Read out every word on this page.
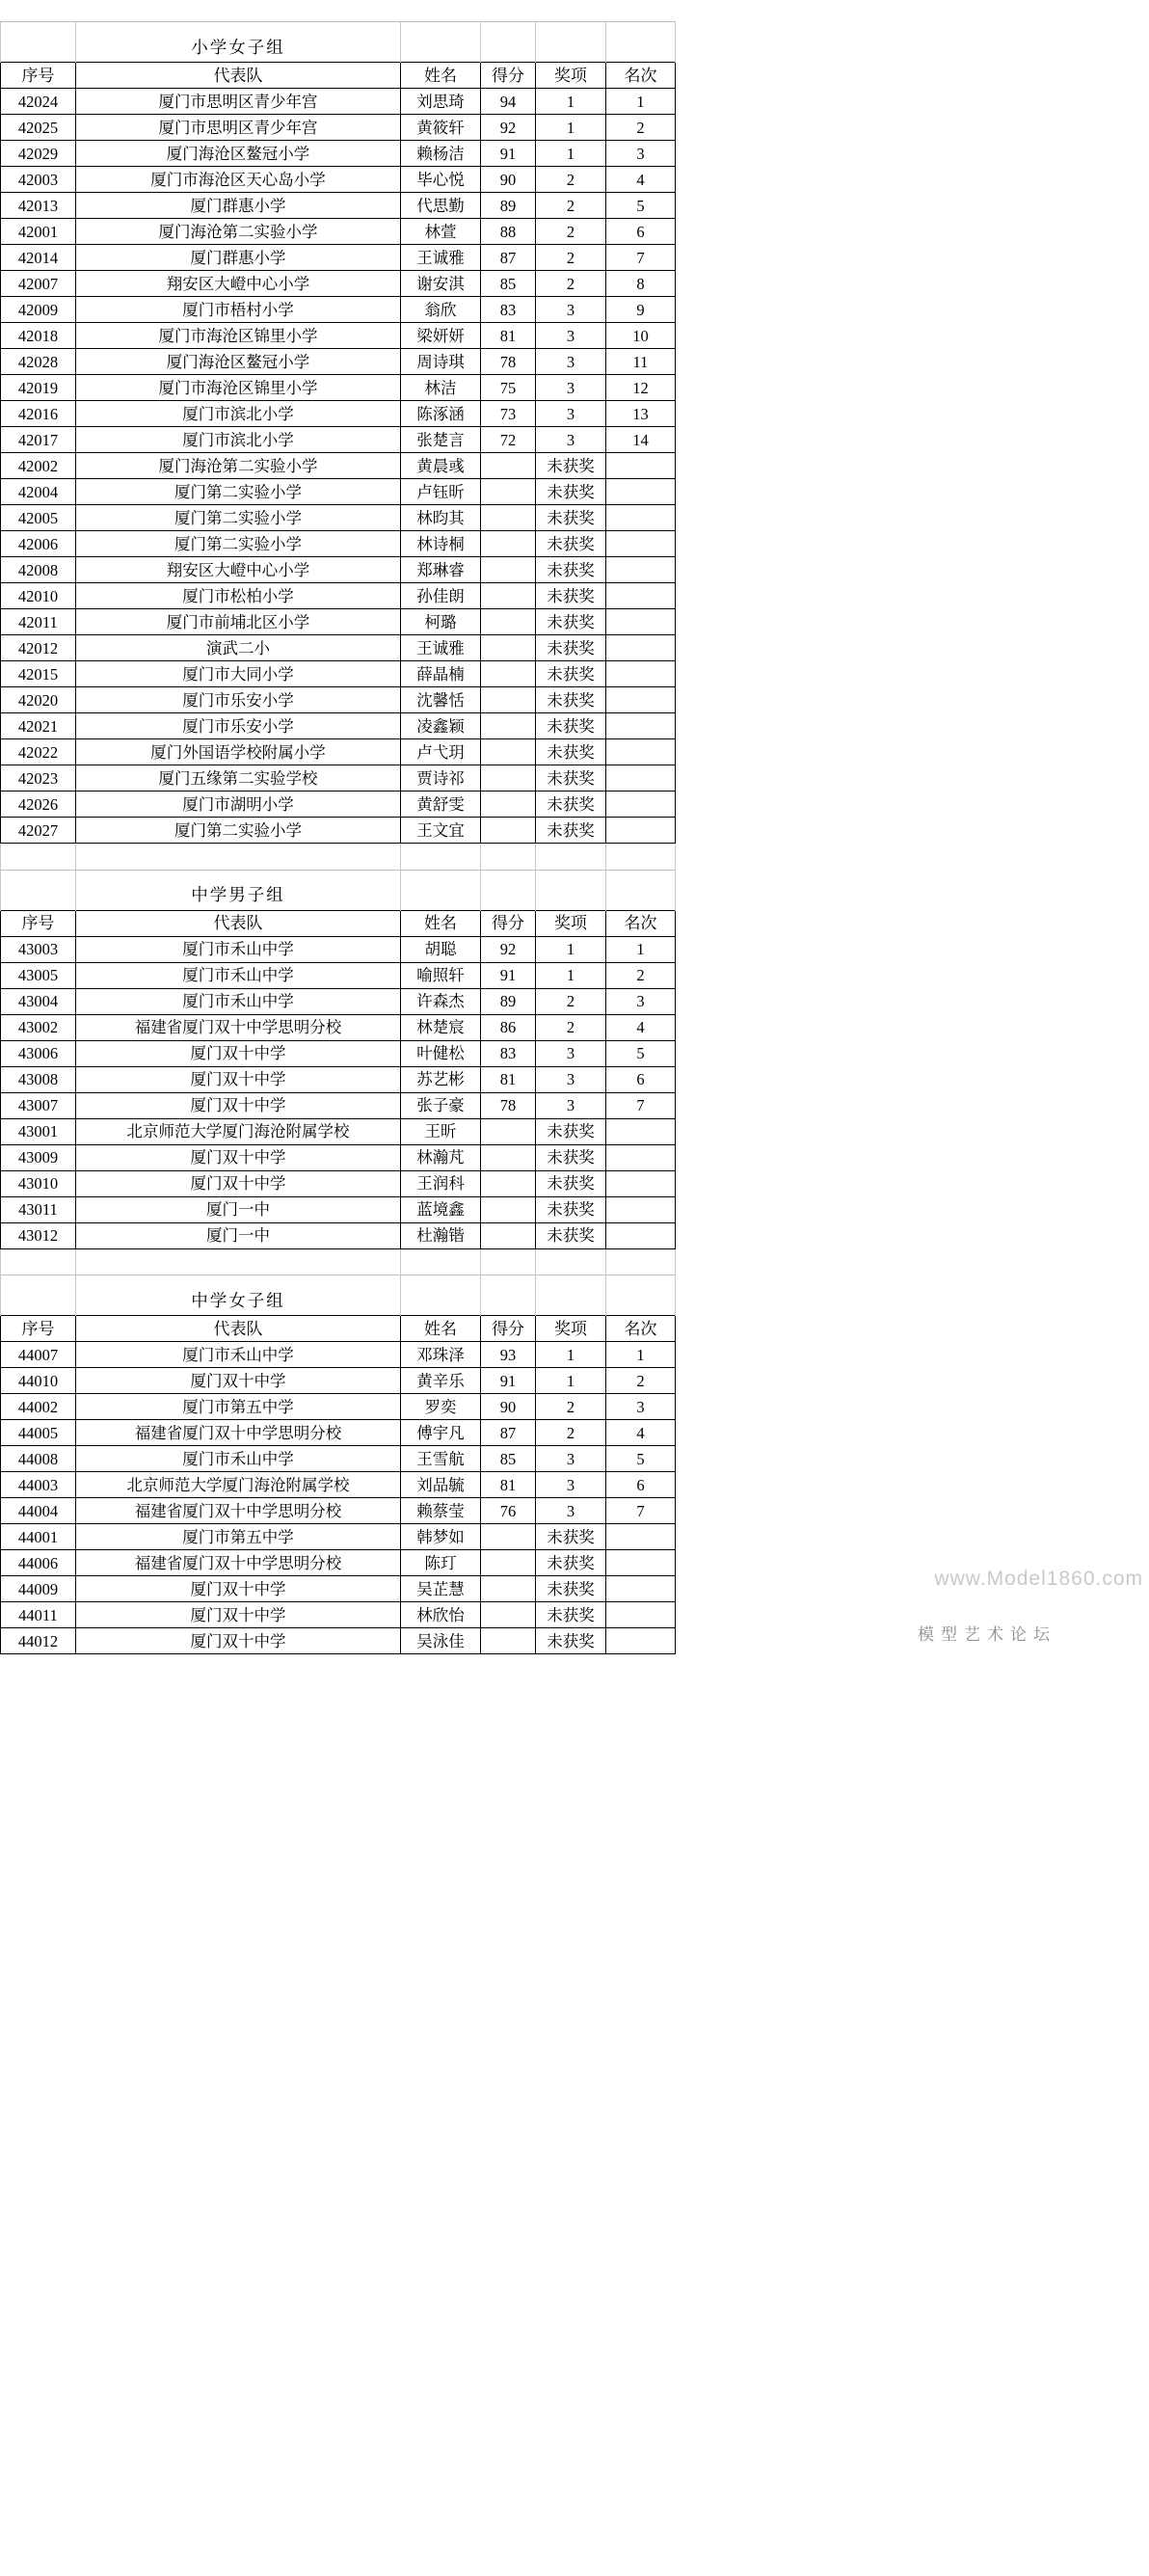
	小学女子组					
序号	代表队	姓名	得分	奖项	名次	
42024	厦门市思明区青少年宫	刘思琦	94	1	1	
42025	厦门市思明区青少年宫	黄筱轩	92	1	2	
42029	厦门海沧区鳌冠小学	赖杨洁	91	1	3	
42003	厦门市海沧区天心岛小学	毕心悦	90	2	4	
42013	厦门群惠小学	代思勤	89	2	5	
42001	厦门海沧第二实验小学	林萱	88	2	6	
42014	厦门群惠小学	王诚雅	87	2	7	
42007	翔安区大嶝中心小学	谢安淇	85	2	8	
42009	厦门市梧村小学	翁欣	83	3	9	
42018	厦门市海沧区锦里小学	梁妍妍	81	3	10	
42028	厦门海沧区鳌冠小学	周诗琪	78	3	11	
42019	厦门市海沧区锦里小学	林洁	75	3	12	
42016	厦门市滨北小学	陈涿涵	73	3	13	
42017	厦门市滨北小学	张楚言	72	3	14	
42002	厦门海沧第二实验小学	黄晨彧		未获奖		
42004	厦门第二实验小学	卢钰昕		未获奖		
42005	厦门第二实验小学	林昀其		未获奖		
42006	厦门第二实验小学	林诗桐		未获奖		
42008	翔安区大嶝中心小学	郑琳睿		未获奖		
42010	厦门市松柏小学	孙佳朗		未获奖		
42011	厦门市前埔北区小学	柯璐		未获奖		
42012	演武二小	王诚雅		未获奖		
42015	厦门市大同小学	薛晶楠		未获奖		
42020	厦门市乐安小学	沈馨恬		未获奖		
42021	厦门市乐安小学	凌鑫颖		未获奖		
42022	厦门外国语学校附属小学	卢弋玥		未获奖		
42023	厦门五缘第二实验学校	贾诗祁		未获奖		
42026	厦门市湖明小学	黄舒雯		未获奖		
42027	厦门第二实验小学	王文宜		未获奖		

	中学男子组					
序号	代表队	姓名	得分	奖项	名次	
43003	厦门市禾山中学	胡聪	92	1	1	
43005	厦门市禾山中学	喻照轩	91	1	2	
43004	厦门市禾山中学	许森杰	89	2	3	
43002	福建省厦门双十中学思明分校	林楚宸	86	2	4	
43006	厦门双十中学	叶健松	83	3	5	
43008	厦门双十中学	苏艺彬	81	3	6	
43007	厦门双十中学	张子豪	78	3	7	
43001	北京师范大学厦门海沧附属学校	王昕		未获奖		
43009	厦门双十中学	林瀚芃		未获奖		
43010	厦门双十中学	王润科		未获奖		
43011	厦门一中	蓝境鑫		未获奖		
43012	厦门一中	杜瀚锴		未获奖		

	中学女子组					
序号	代表队	姓名	得分	奖项	名次	
44007	厦门市禾山中学	邓珠泽	93	1	1	
44010	厦门双十中学	黄辛乐	91	1	2	
44002	厦门市第五中学	罗奕	90	2	3	
44005	福建省厦门双十中学思明分校	傅宇凡	87	2	4	
44008	厦门市禾山中学	王雪航	85	3	5	
44003	北京师范大学厦门海沧附属学校	刘品毓	81	3	6	
44004	福建省厦门双十中学思明分校	赖蔡莹	76	3	7	
44001	厦门市第五中学	韩梦如		未获奖		
44006	福建省厦门双十中学思明分校	陈玎		未获奖		
44009	厦门双十中学	吴芷慧		未获奖		
44011	厦门双十中学	林欣怡		未获奖		
44012	厦门双十中学	吴泳佳		未获奖		
www.Model1860.com
模型艺术论坛
